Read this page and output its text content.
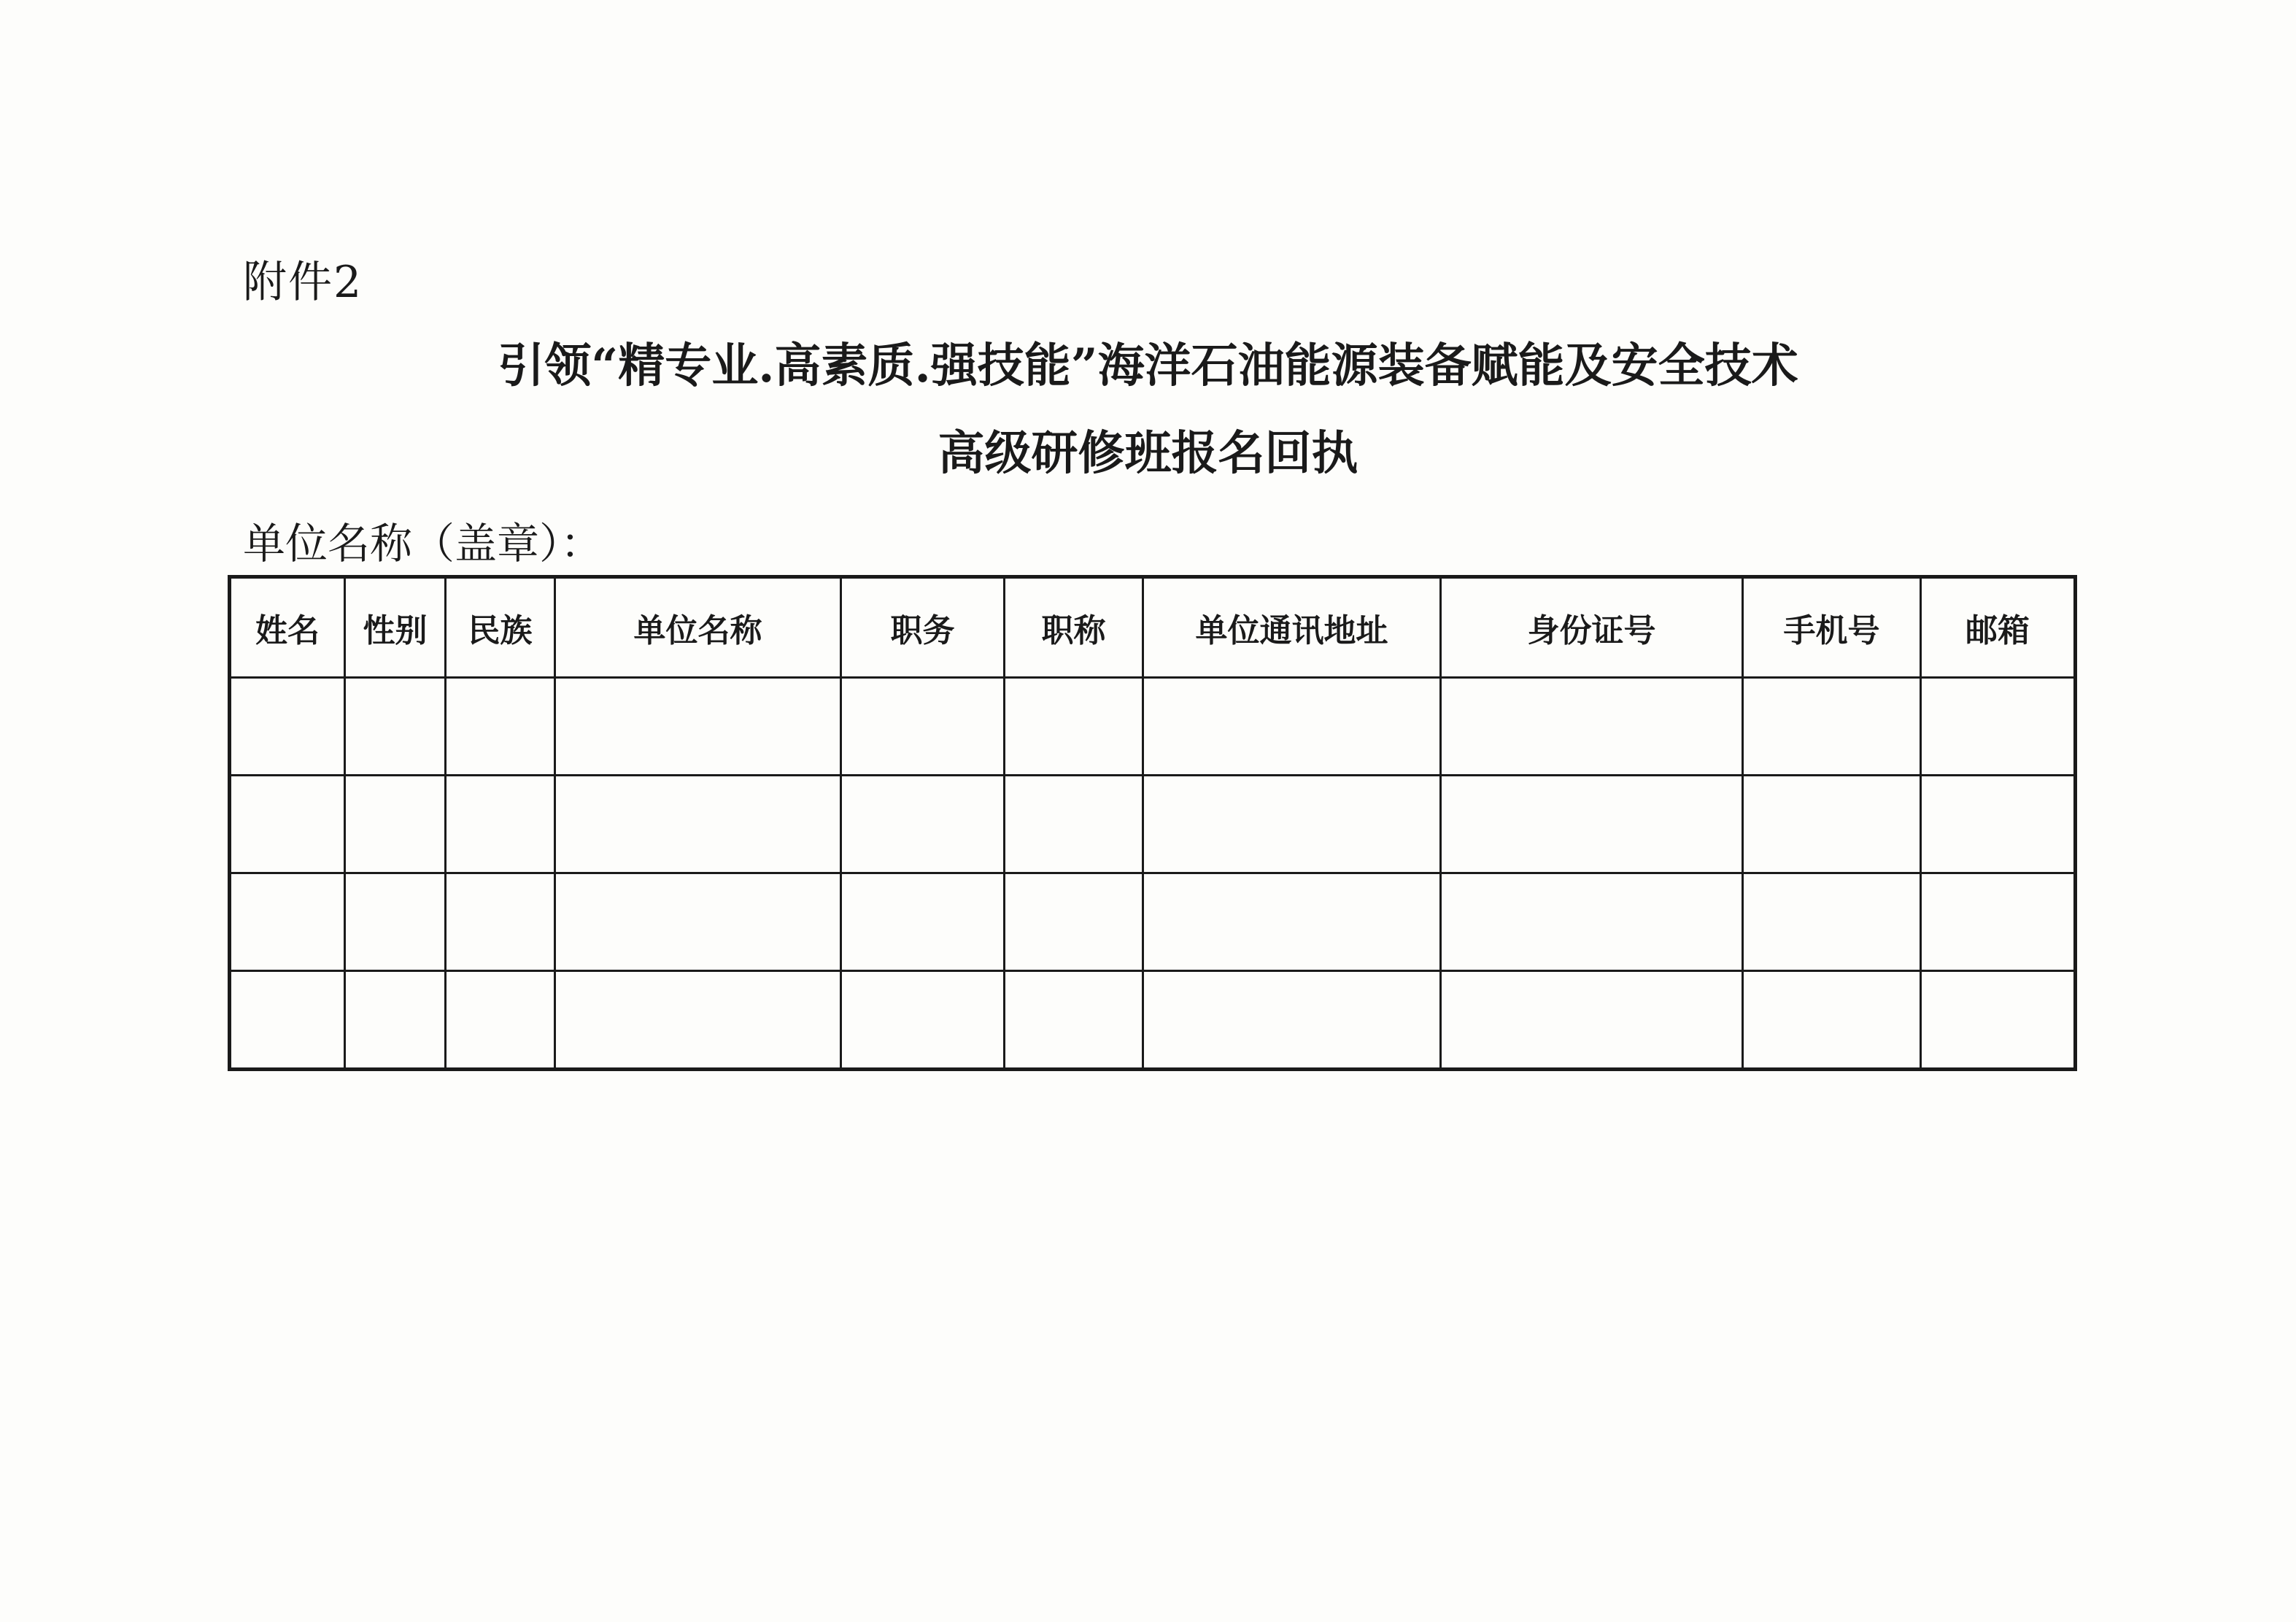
附件2
引领“精专业.高素质.强技能”海洋石油能源装备赋能及安全技术
高级研修班报名回执
单位名称（盖章）：
姓名	性别	民族	单位名称	职务	职称	单位通讯地址	身份证号	手机号	邮箱
